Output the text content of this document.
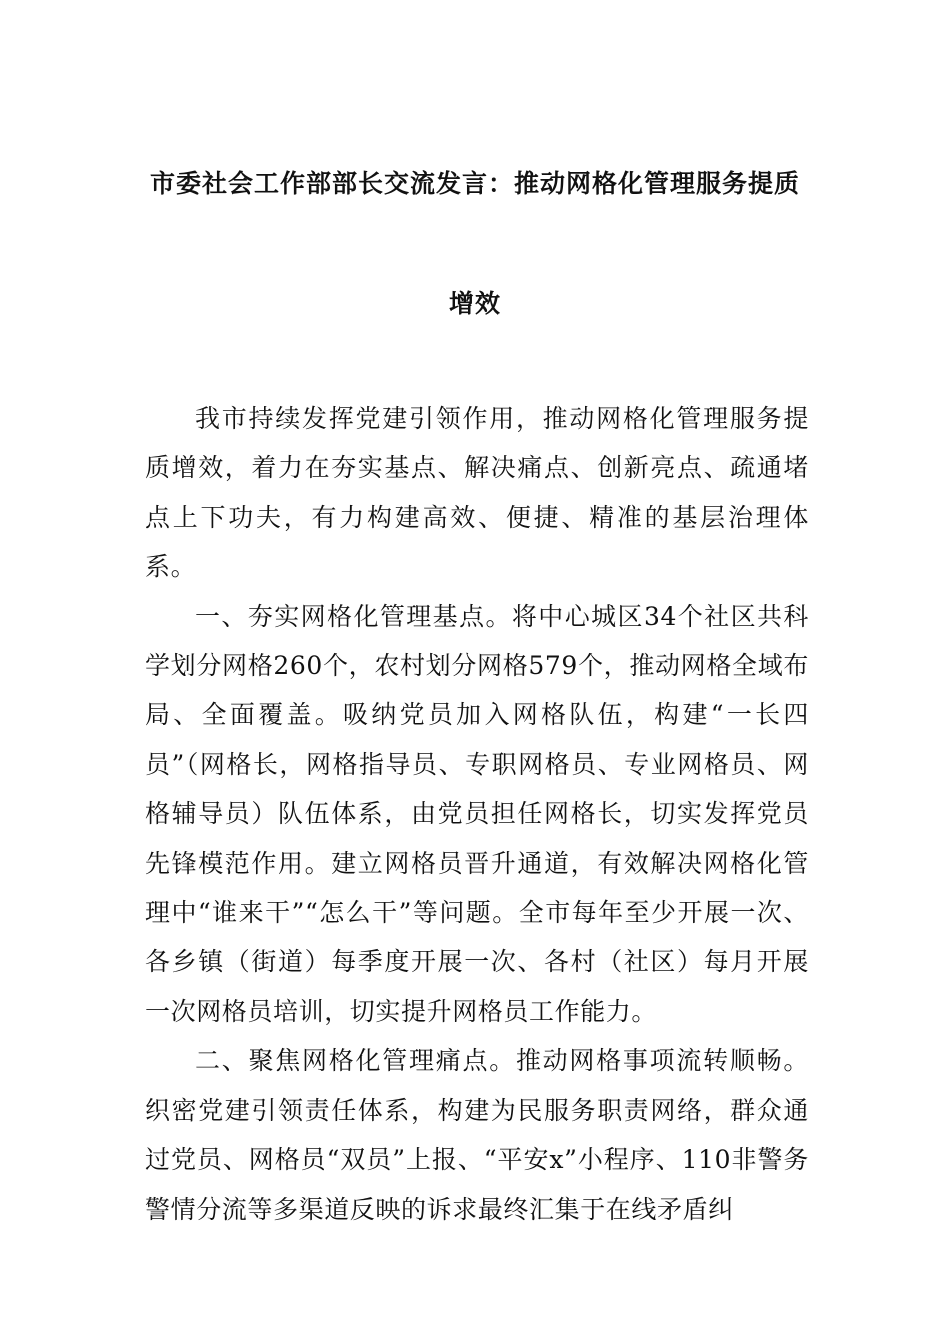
市委社会工作部部长交流发言：推动网格化管理服务提质
增效

我市持续发挥党建引领作用，推动网格化管理服务提质增效，着力在夯实基点、解决痛点、创新亮点、疏通堵点上下功夫，有力构建高效、便捷、精准的基层治理体系。

一、夯实网格化管理基点。将中心城区34个社区共科学划分网格260个，农村划分网格579个，推动网格全域布局、全面覆盖。吸纳党员加入网格队伍，构建“一长四员”（网格长，网格指导员、专职网格员、专业网格员、网格辅导员）队伍体系，由党员担任网格长，切实发挥党员先锋模范作用。建立网格员晋升通道，有效解决网格化管理中“谁来干”“怎么干”等问题。全市每年至少开展一次、各乡镇（街道）每季度开展一次、各村（社区）每月开展一次网格员培训，切实提升网格员工作能力。

二、聚焦网格化管理痛点。推动网格事项流转顺畅。织密党建引领责任体系，构建为民服务职责网络，群众通过党员、网格员“双员”上报、“平安x”小程序、110非警务警情分流等多渠道反映的诉求最终汇集于在线矛盾纠
